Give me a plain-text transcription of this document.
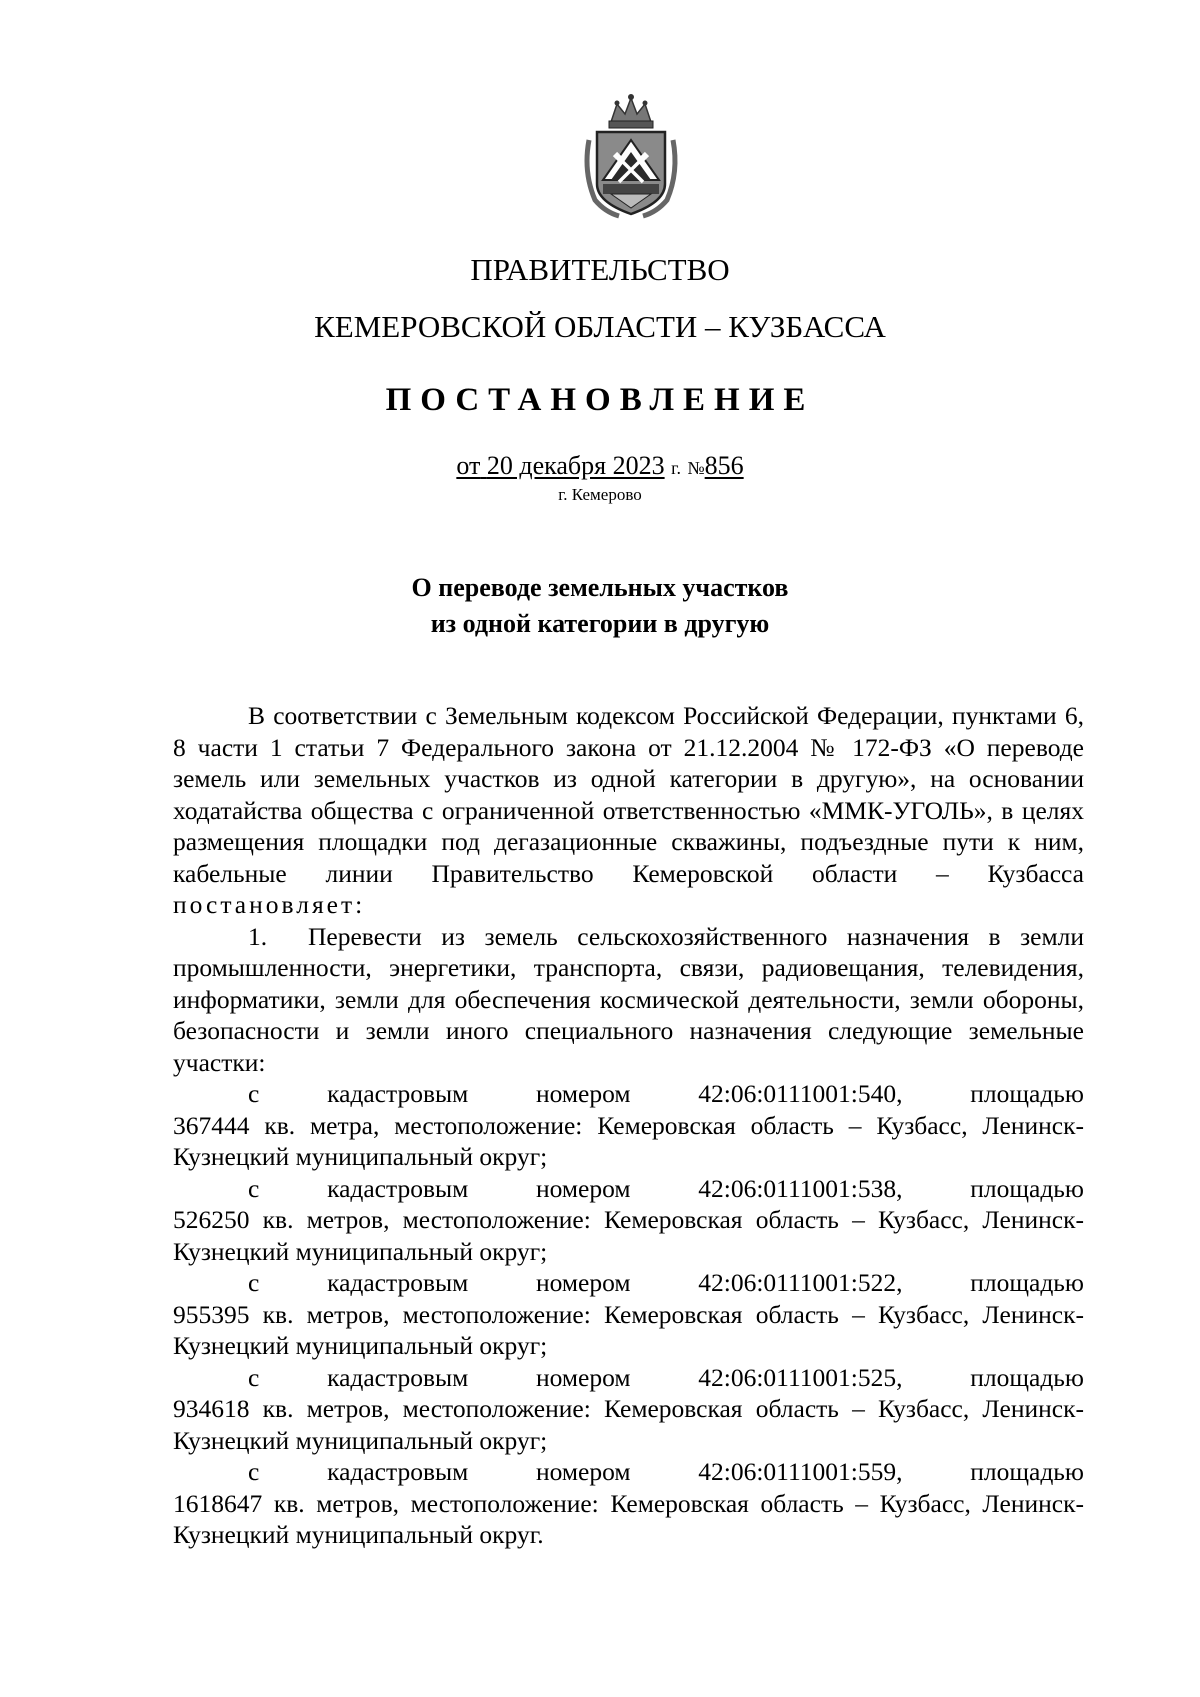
ПРАВИТЕЛЬСТВО
КЕМЕРОВСКОЙ ОБЛАСТИ – КУЗБАССА
ПОСТАНОВЛЕНИЕ
от 20 декабря 2023 г. №856
г. Кемерово
О переводе земельных участков
из одной категории в другую

В соответствии с Земельным кодексом Российской Федерации, пунктами 6, 8 части 1 статьи 7 Федерального закона от 21.12.2004 № 172-ФЗ «О переводе земель или земельных участков из одной категории в другую», на основании ходатайства общества с ограниченной ответственностью «ММК-УГОЛЬ», в целях размещения площадки под дегазационные скважины, подъездные пути к ним, кабельные линии Правительство Кемеровской области – Кузбасса постановляет:

1. Перевести из земель сельскохозяйственного назначения в земли промышленности, энергетики, транспорта, связи, радиовещания, телевидения, информатики, земли для обеспечения космической деятельности, земли обороны, безопасности и земли иного специального назначения следующие земельные участки:

с	кадастровым	номером	42:06:0111001:540,	площадью

367444 кв. метра, местоположение: Кемеровская область – Кузбасс, Ленинск-Кузнецкий муниципальный округ;

с	кадастровым	номером	42:06:0111001:538,	площадью

526250 кв. метров, местоположение: Кемеровская область – Кузбасс, Ленинск-Кузнецкий муниципальный округ;

с	кадастровым	номером	42:06:0111001:522,	площадью

955395 кв. метров, местоположение: Кемеровская область – Кузбасс, Ленинск-Кузнецкий муниципальный округ;

с	кадастровым	номером	42:06:0111001:525,	площадью

934618 кв. метров, местоположение: Кемеровская область – Кузбасс, Ленинск-Кузнецкий муниципальный округ;

с	кадастровым	номером	42:06:0111001:559,	площадью

1618647 кв. метров, местоположение: Кемеровская область – Кузбасс, Ленинск-Кузнецкий муниципальный округ.
